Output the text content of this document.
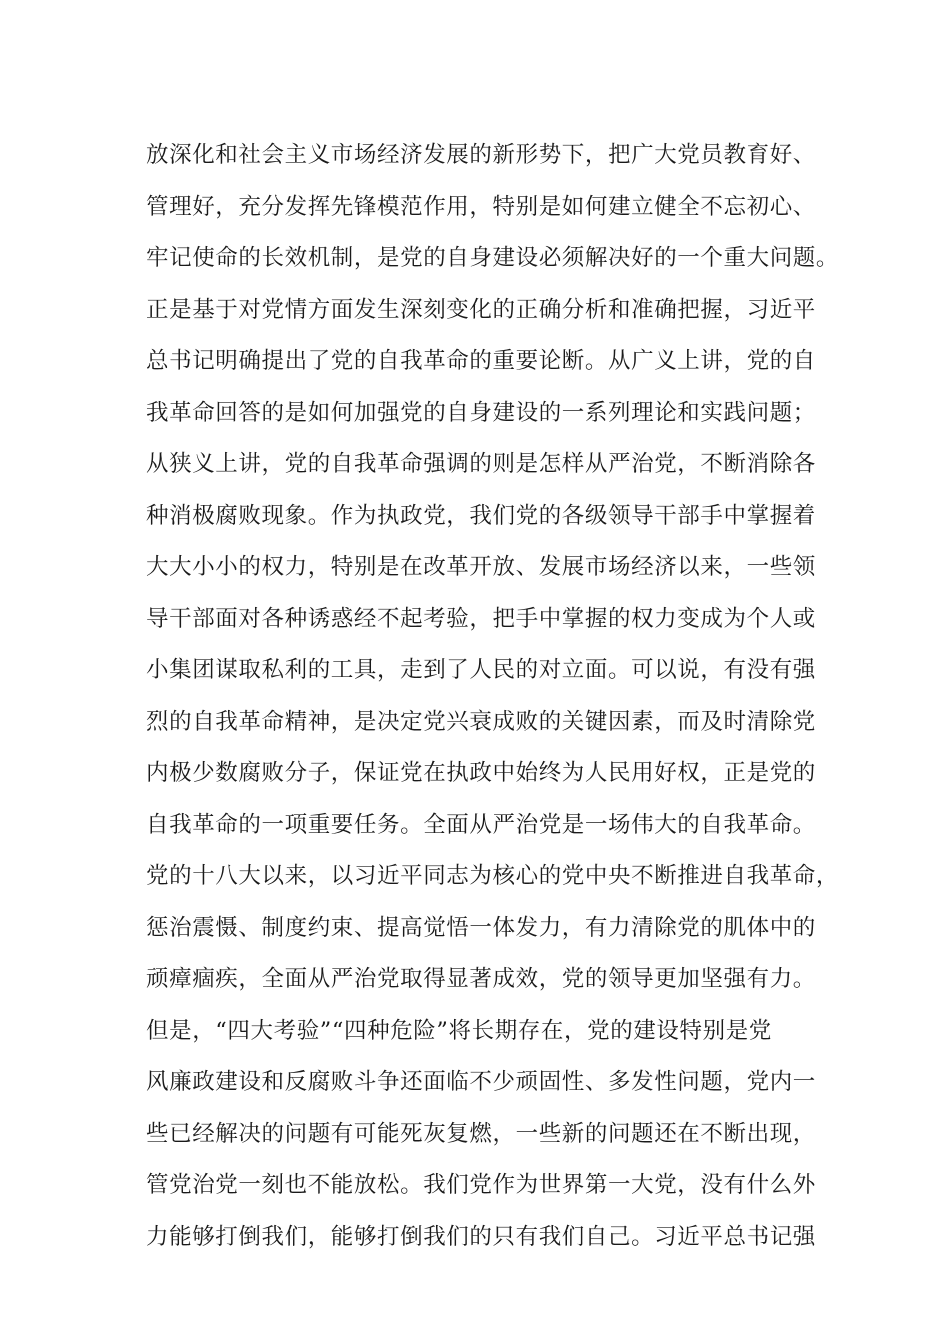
放深化和社会主义市场经济发展的新形势下，把广大党员教育好、
管理好，充分发挥先锋模范作用，特别是如何建立健全不忘初心、
牢记使命的长效机制，是党的自身建设必须解决好的一个重大问题。
正是基于对党情方面发生深刻变化的正确分析和准确把握，习近平
总书记明确提出了党的自我革命的重要论断。从广义上讲，党的自
我革命回答的是如何加强党的自身建设的一系列理论和实践问题；
从狭义上讲，党的自我革命强调的则是怎样从严治党，不断消除各
种消极腐败现象。作为执政党，我们党的各级领导干部手中掌握着
大大小小的权力，特别是在改革开放、发展市场经济以来，一些领
导干部面对各种诱惑经不起考验，把手中掌握的权力变成为个人或
小集团谋取私利的工具，走到了人民的对立面。可以说，有没有强
烈的自我革命精神，是决定党兴衰成败的关键因素，而及时清除党
内极少数腐败分子，保证党在执政中始终为人民用好权，正是党的
自我革命的一项重要任务。全面从严治党是一场伟大的自我革命。
党的十八大以来，以习近平同志为核心的党中央不断推进自我革命，
惩治震慑、制度约束、提高觉悟一体发力，有力清除党的肌体中的
顽瘴痼疾，全面从严治党取得显著成效，党的领导更加坚强有力。
但是，“四大考验”“四种危险”将长期存在，党的建设特别是党
风廉政建设和反腐败斗争还面临不少顽固性、多发性问题，党内一
些已经解决的问题有可能死灰复燃，一些新的问题还在不断出现，
管党治党一刻也不能放松。我们党作为世界第一大党，没有什么外
力能够打倒我们，能够打倒我们的只有我们自己。习近平总书记强
